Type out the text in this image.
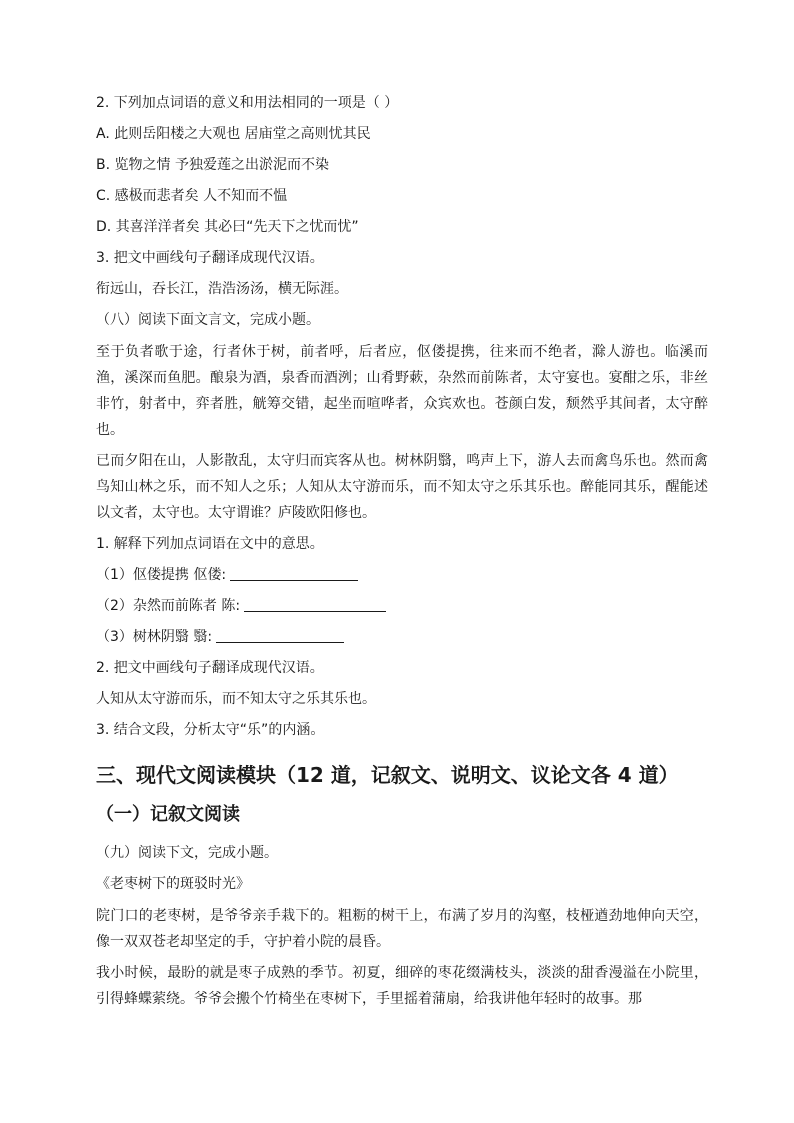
2. 下列加点词语的意义和用法相同的一项是（ ）

A. 此则岳阳楼之大观也 居庙堂之高则忧其民

B. 览物之情 予独爱莲之出淤泥而不染

C. 感极而悲者矣 人不知而不愠

D. 其喜洋洋者矣 其必曰“先天下之忧而忧”

3. 把文中画线句子翻译成现代汉语。

衔远山，吞长江，浩浩汤汤，横无际涯。

（八）阅读下面文言文，完成小题。

至于负者歌于途，行者休于树，前者呼，后者应，伛偻提携，往来而不绝者，滁人游也。临溪而渔，溪深而鱼肥。酿泉为酒，泉香而酒洌；山肴野蔌，杂然而前陈者，太守宴也。宴酣之乐，非丝非竹，射者中，弈者胜，觥筹交错，起坐而喧哗者，众宾欢也。苍颜白发，颓然乎其间者，太守醉也。

已而夕阳在山，人影散乱，太守归而宾客从也。树林阴翳，鸣声上下，游人去而禽鸟乐也。然而禽鸟知山林之乐，而不知人之乐；人知从太守游而乐，而不知太守之乐其乐也。醉能同其乐，醒能述以文者，太守也。太守谓谁？庐陵欧阳修也。

1. 解释下列加点词语在文中的意思。

（1）伛偻提携 伛偻:

（2）杂然而前陈者 陈:

（3）树林阴翳 翳:

2. 把文中画线句子翻译成现代汉语。

人知从太守游而乐，而不知太守之乐其乐也。

3. 结合文段，分析太守“乐”的内涵。

三、现代文阅读模块（12 道，记叙文、说明文、议论文各 4 道）
（一）记叙文阅读

（九）阅读下文，完成小题。

《老枣树下的斑驳时光》

院门口的老枣树，是爷爷亲手栽下的。粗粝的树干上，布满了岁月的沟壑，枝桠遒劲地伸向天空，像一双双苍老却坚定的手，守护着小院的晨昏。

我小时候，最盼的就是枣子成熟的季节。初夏，细碎的枣花缀满枝头，淡淡的甜香漫溢在小院里，引得蜂蝶萦绕。爷爷会搬个竹椅坐在枣树下，手里摇着蒲扇，给我讲他年轻时的故事。那
